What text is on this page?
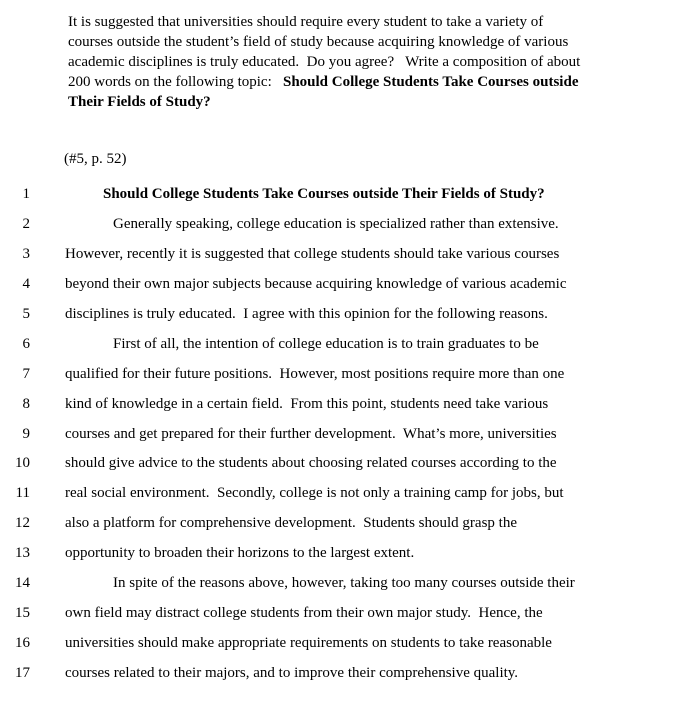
It is suggested that universities should require every student to take a variety of
courses outside the student’s field of study because acquiring knowledge of various
academic disciplines is truly educated.  Do you agree?   Write a composition of about
200 words on the following topic:   Should College Students Take Courses outside
Their Fields of Study?
(#5, p. 52)
1	Should College Students Take Courses outside Their Fields of Study?
2	Generally speaking, college education is specialized rather than extensive.
3 However, recently it is suggested that college students should take various courses
4 beyond their own major subjects because acquiring knowledge of various academic
5 disciplines is truly educated.  I agree with this opinion for the following reasons.
6	First of all, the intention of college education is to train graduates to be
7 qualified for their future positions.  However, most positions require more than one
8 kind of knowledge in a certain field.  From this point, students need take various
9 courses and get prepared for their further development.  What’s more, universities
10 should give advice to the students about choosing related courses according to the
11 real social environment.  Secondly, college is not only a training camp for jobs, but
12 also a platform for comprehensive development.  Students should grasp the
13 opportunity to broaden their horizons to the largest extent.
14	In spite of the reasons above, however, taking too many courses outside their
15 own field may distract college students from their own major study.  Hence, the
16 universities should make appropriate requirements on students to take reasonable
17 courses related to their majors, and to improve their comprehensive quality.
